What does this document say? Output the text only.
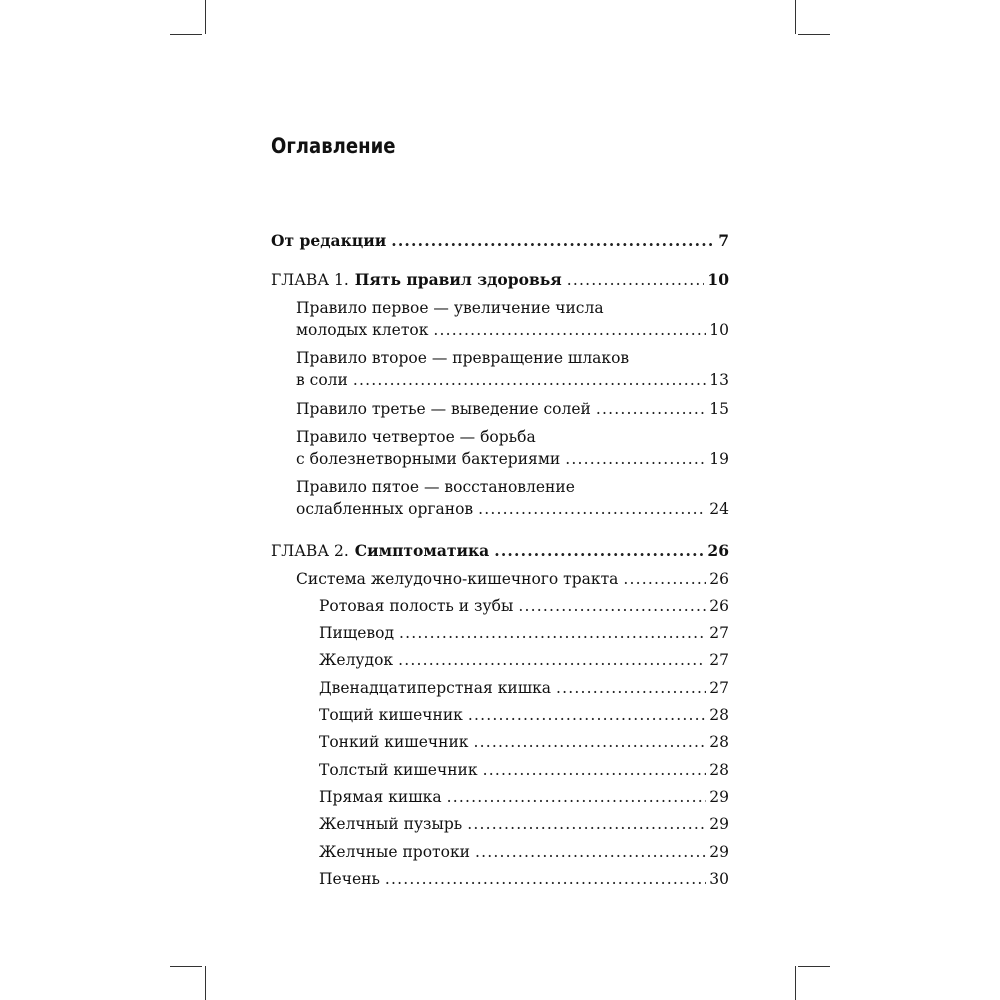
Оглавление
От редакции .....	7
ГЛАВА 1. Пять правил здоровья .....	10
Правило первое — увеличение числа
молодых клеток .....	10
Правило второе — превращение шлаков
в соли .....	13
Правило третье — выведение солей .....	15
Правило четвертое — борьба
с болезнетворными бактериями .....	19
Правило пятое — восстановление
ослабленных органов .....	24
ГЛАВА 2. Симптоматика .....	26
Система желудочно-кишечного тракта .....	26
Ротовая полость и зубы .....	26
Пищевод .....	27
Желудок .....	27
Двенадцатиперстная кишка .....	27
Тощий кишечник .....	28
Тонкий кишечник .....	28
Толстый кишечник .....	28
Прямая кишка .....	29
Желчный пузырь .....	29
Желчные протоки .....	29
Печень .....	30
